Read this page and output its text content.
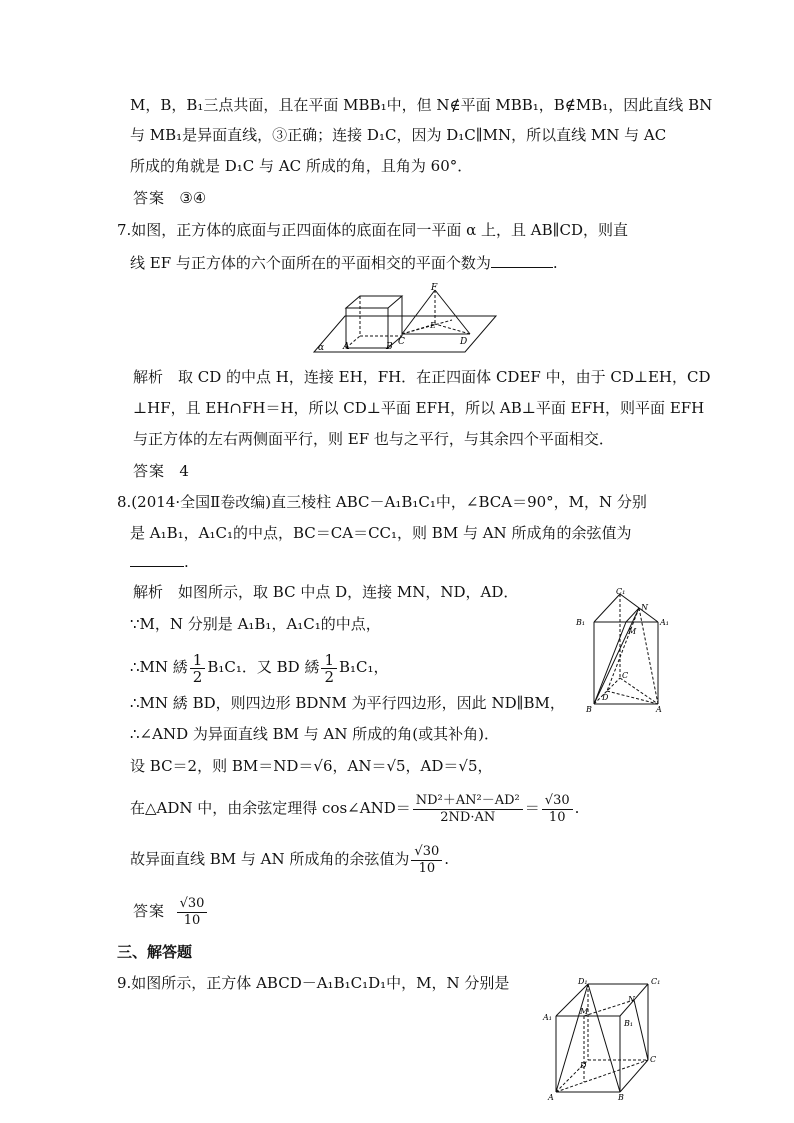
M，B，B₁三点共面，且在平面 MBB₁中，但 N∉平面 MBB₁，B∉MB₁，因此直线 BN
与 MB₁是异面直线，③正确；连接 D₁C，因为 D₁C∥MN，所以直线 MN 与 AC
所成的角就是 D₁C 与 AC 所成的角，且角为 60°．
答案 ③④
7.如图，正方体的底面与正四面体的底面在同一平面 α 上，且 AB∥CD，则直
线 EF 与正方体的六个面所在的平面相交的平面个数为	.
α A	B C	D
E
F
解析　取 CD 的中点 H，连接 EH，FH．在正四面体 CDEF 中，由于 CD⊥EH，CD
⊥HF，且 EH∩FH＝H，所以 CD⊥平面 EFH，所以 AB⊥平面 EFH，则平面 EFH
与正方体的左右两侧面平行，则 EF 也与之平行，与其余四个平面相交．
答案 4
8.(2014·全国Ⅱ卷改编)直三棱柱 ABC－A₁B₁C₁中，∠BCA＝90°，M，N 分别
是 A₁B₁，A₁C₁的中点，BC＝CA＝CC₁，则 BM 与 AN 所成角的余弦值为
.
解析　如图所示，取 BC 中点 D，连接 MN，ND，AD．
∵M，N 分别是 A₁B₁，A₁C₁的中点，
∴MN 綉 $\frac{1}{2} B_1C_1$．又 BD 綉 $\frac{1}{2} B_1C_1$，
∴MN 綉 BD，则四边形 BDNM 为平行四边形，因此 ND∥BM，
∴∠AND 为异面直线 BM 与 AN 所成的角(或其补角)．
设 BC＝2，则 BM＝ND＝√6，AN＝√5，AD＝√5，
在△ADN 中，由余弦定理得 cos∠AND＝ $\frac{\text{ND²＋AN²－AD²}}{2ND\cdot AN} = \frac{√30}{10}$ .
故异面直线 BM 与 AN 所成角的余弦值为 $\frac{√30}{10}$ .
答案 $\frac{√30}{10}$
C₁
N
B₁
M
A₁
C
D
B	A
三、解答题
9.如图所示，正方体 ABCD－A₁B₁C₁D₁中，M，N 分别是	D₁	C₁
A₁
B₁
M
N
D
C
A	B
